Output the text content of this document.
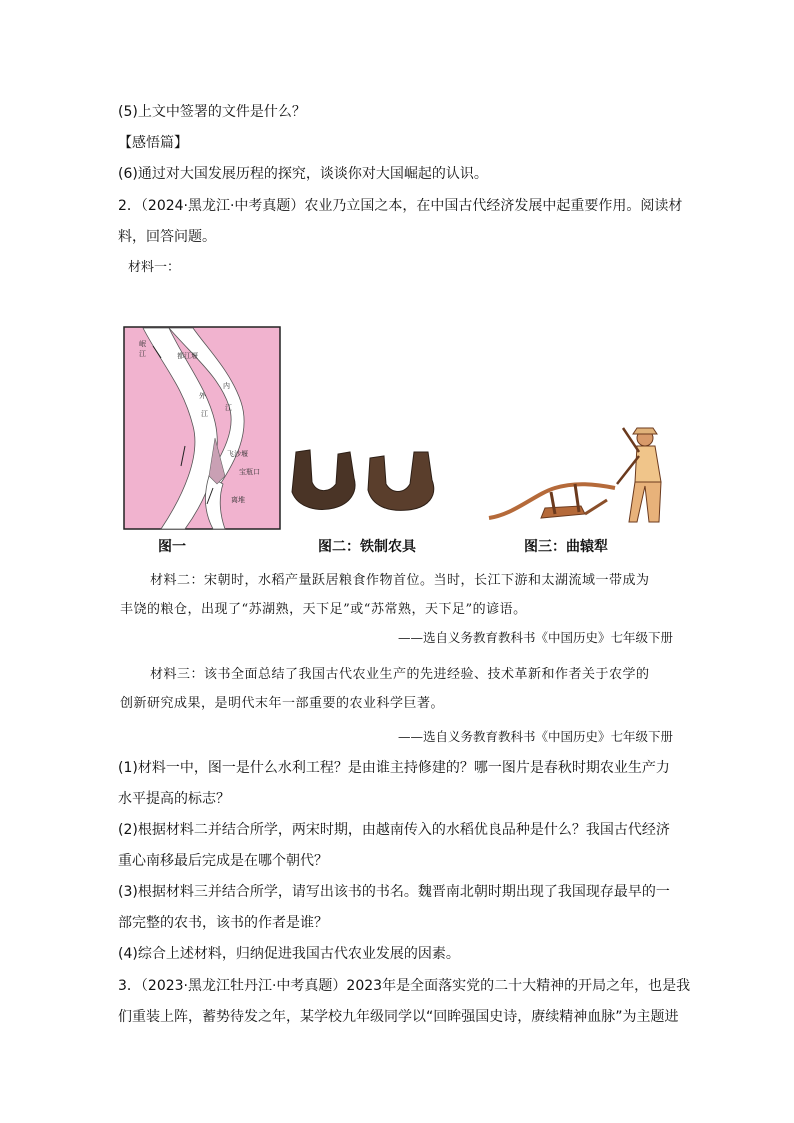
(5)上文中签署的文件是什么？
【感悟篇】
(6)通过对大国发展历程的探究，谈谈你对大国崛起的认识。
2．（2024·黑龙江·中考真题）农业乃立国之本，在中国古代经济发展中起重要作用。阅读材
料，回答问题。
材料一：
岷
江	都江堰
外
江
内
江
飞沙堰
宝瓶口
离堆
图一	图二：铁制农具	图三：曲辕犁
材料二：宋朝时，水稻产量跃居粮食作物首位。当时，长江下游和太湖流域一带成为
丰饶的粮仓，出现了“苏湖熟，天下足”或“苏常熟，天下足”的谚语。
——选自义务教育教科书《中国历史》七年级下册
材料三：该书全面总结了我国古代农业生产的先进经验、技术革新和作者关于农学的
创新研究成果，是明代末年一部重要的农业科学巨著。
——选自义务教育教科书《中国历史》七年级下册
(1)材料一中，图一是什么水利工程？是由谁主持修建的？哪一图片是春秋时期农业生产力
水平提高的标志？
(2)根据材料二并结合所学，两宋时期，由越南传入的水稻优良品种是什么？我国古代经济
重心南移最后完成是在哪个朝代？
(3)根据材料三并结合所学，请写出该书的书名。魏晋南北朝时期出现了我国现存最早的一
部完整的农书，该书的作者是谁？
(4)综合上述材料，归纳促进我国古代农业发展的因素。
3．（2023·黑龙江牡丹江·中考真题）2023年是全面落实党的二十大精神的开局之年，也是我
们重装上阵，蓄势待发之年，某学校九年级同学以“回眸强国史诗，赓续精神血脉”为主题进
